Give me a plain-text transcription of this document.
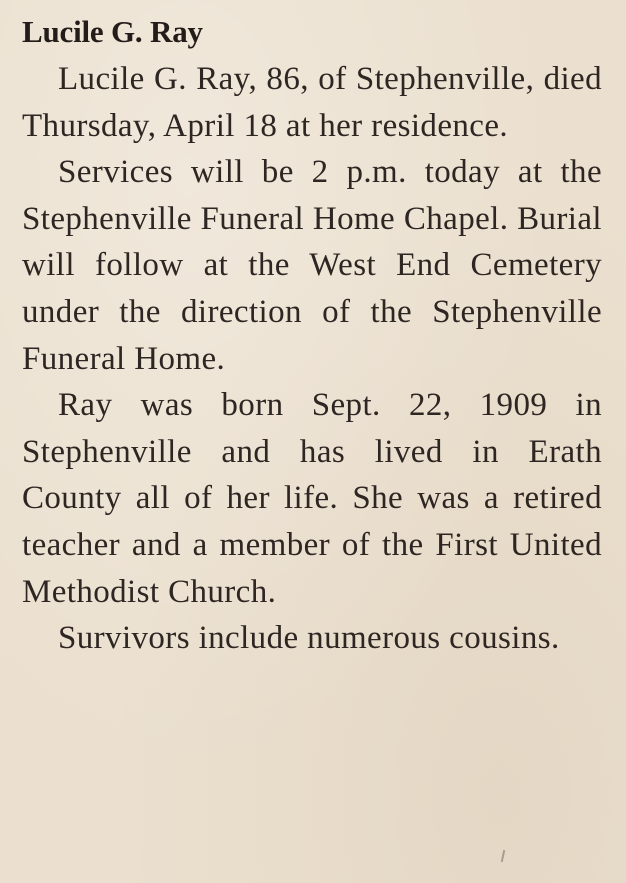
Lucile G. Ray

Lucile G. Ray, 86, of Stephenville, died Thursday, April 18 at her residence.

Services will be 2 p.m. today at the Stephenville Funeral Home Chapel. Burial will follow at the West End Cemetery under the direction of the Stephenville Funeral Home.

Ray was born Sept. 22, 1909 in Stephenville and has lived in Erath County all of her life. She was a retired teacher and a member of the First United Methodist Church.

Survivors include numerous cousins.
